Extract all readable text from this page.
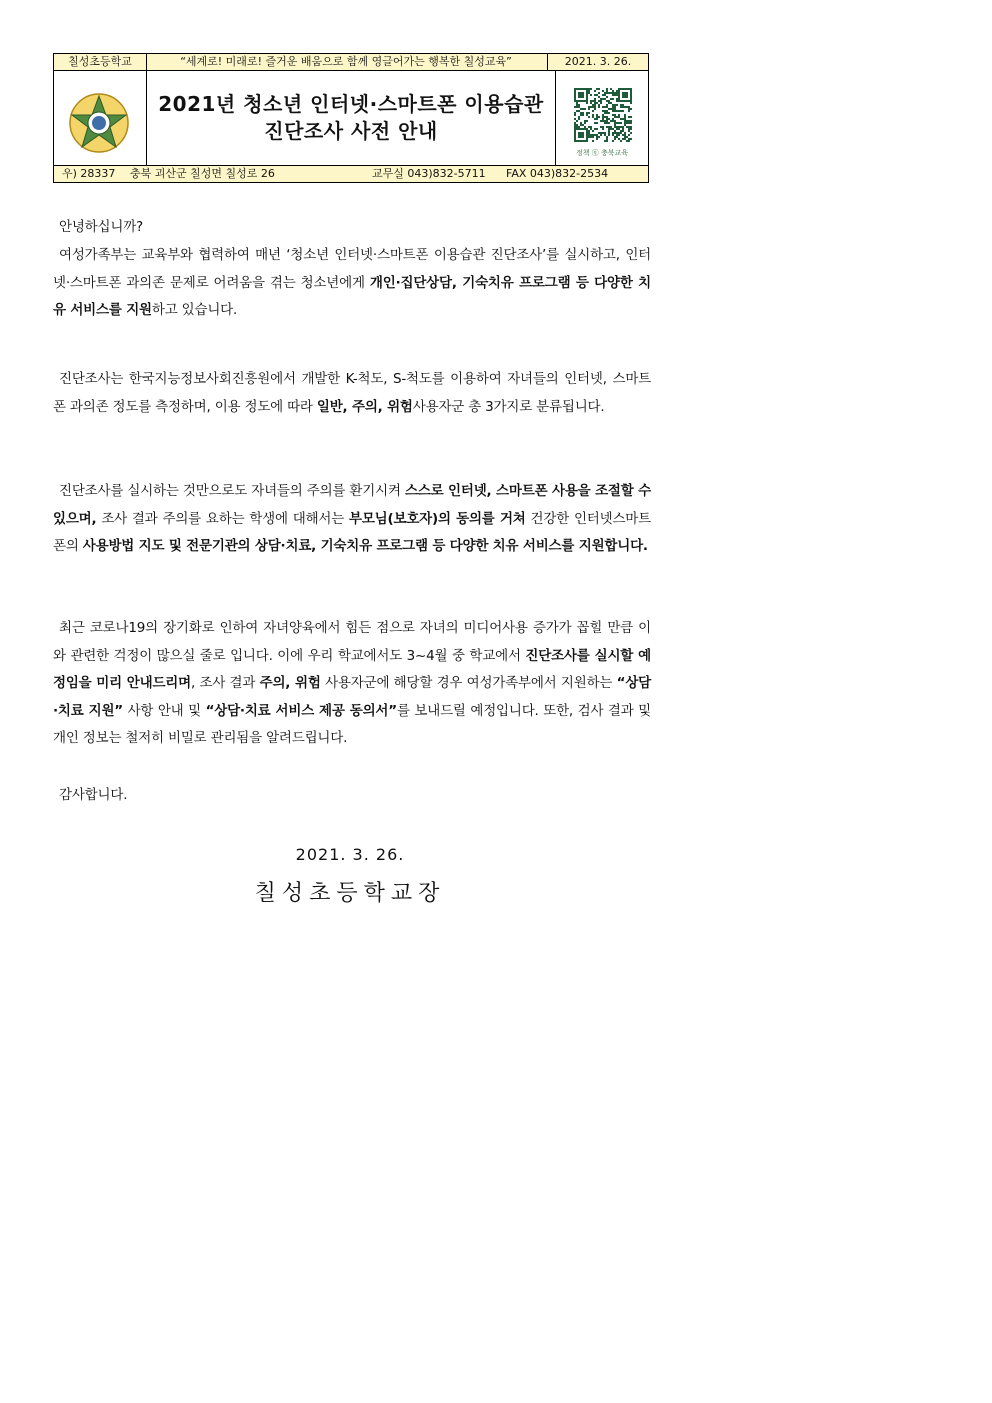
칠성초등학교	“세계로! 미래로! 즐거운 배움으로 함께 영글어가는 행복한 칠성교육”	2021. 3. 26.
2021년 청소년 인터넷·스마트폰 이용습관
진단조사 사전 안내
정책 ⓠ 충북교육
우) 28337 충북 괴산군 칠성면 칠성로 26	교무실 043)832-5711 FAX 043)832-2534

안녕하십니까?

여성가족부는 교육부와 협력하여 매년 ‘청소년 인터넷·스마트폰 이용습관 진단조사’를 실시하고, 인터넷·스마트폰 과의존 문제로 어려움을 겪는 청소년에게 개인·집단상담, 기숙치유 프로그램 등 다양한 치유 서비스를 지원하고 있습니다.

진단조사는 한국지능정보사회진흥원에서 개발한 K-척도, S-척도를 이용하여 자녀들의 인터넷, 스마트폰 과의존 정도를 측정하며, 이용 정도에 따라 일반, 주의, 위험사용자군 총 3가지로 분류됩니다.

진단조사를 실시하는 것만으로도 자녀들의 주의를 환기시켜 스스로 인터넷, 스마트폰 사용을 조절할 수 있으며, 조사 결과 주의를 요하는 학생에 대해서는 부모님(보호자)의 동의를 거쳐 건강한 인터넷스마트폰의 사용방법 지도 및 전문기관의 상담·치료, 기숙치유 프로그램 등 다양한 치유 서비스를 지원합니다.

최근 코로나19의 장기화로 인하여 자녀양육에서 힘든 점으로 자녀의 미디어사용 증가가 꼽힐 만큼 이와 관련한 걱정이 많으실 줄로 입니다. 이에 우리 학교에서도 3~4월 중 학교에서 진단조사를 실시할 예정임을 미리 안내드리며, 조사 결과 주의, 위험 사용자군에 해당할 경우 여성가족부에서 지원하는 “상담·치료 지원” 사항 안내 및 “상담·치료 서비스 제공 동의서”를 보내드릴 예정입니다. 또한, 검사 결과 및 개인 정보는 철저히 비밀로 관리됨을 알려드립니다.

감사합니다.

2021. 3. 26.
칠성초등학교장
